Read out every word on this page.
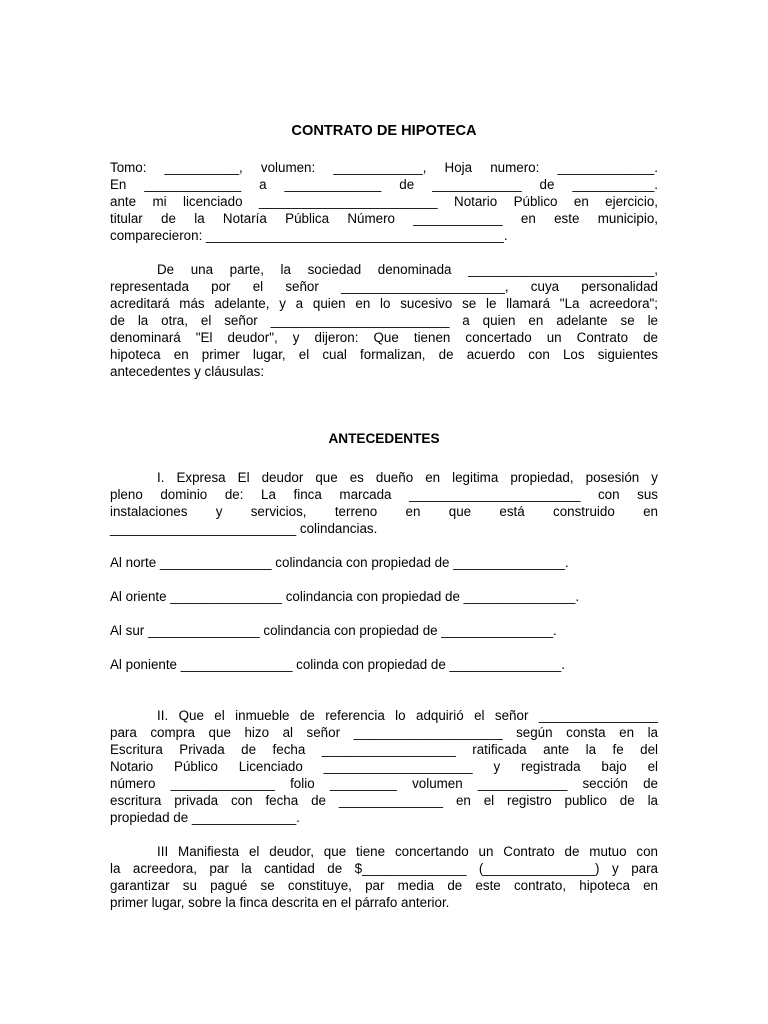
CONTRATO DE HIPOTECA
Tomo: __________, volumen: ____________, Hoja numero: _____________.
En _____________ a _____________ de ____________ de ___________.
ante mi licenciado ________________________ Notario Público en ejercicio,
titular de la Notaría Pública Número ____________ en este municipio,
comparecieron: ________________________________________.
De una parte, la sociedad denominada _________________________,
representada por el señor ______________________, cuya personalidad
acreditará más adelante, y a quien en lo sucesivo se le llamará "La acreedora";
de la otra, el señor ________________________ a quien en adelante se le
denominará "El deudor", y dijeron: Que tienen concertado un Contrato de
hipoteca en primer lugar, el cual formalizan, de acuerdo con Los siguientes
antecedentes y cláusulas:
ANTECEDENTES
I. Expresa El deudor que es dueño en legitima propiedad, posesión y
pleno dominio de: La finca marcada _______________________ con sus
instalaciones y servicios, terreno en que está construido en
_________________________ colindancias.
Al norte _______________ colindancia con propiedad de _______________.
Al oriente _______________ colindancia con propiedad de _______________.
Al sur _______________ colindancia con propiedad de _______________.
Al poniente _______________ colinda con propiedad de _______________.
II. Que el inmueble de referencia lo adquirió el señor ________________
para compra que hizo al señor ____________________ según consta en la
Escritura Privada de fecha __________________ ratificada ante la fe del
Notario Público Licenciado ____________________ y registrada bajo el
número ______________ folio _________ volumen ____________ sección de
escritura privada con fecha de ______________ en el registro publico de la
propiedad de ______________.
III Manifiesta el deudor, que tiene concertando un Contrato de mutuo con
la acreedora, par la cantidad de $______________ (_______________) y para
garantizar su pagué se constituye, par media de este contrato, hipoteca en
primer lugar, sobre la finca descrita en el párrafo anterior.
